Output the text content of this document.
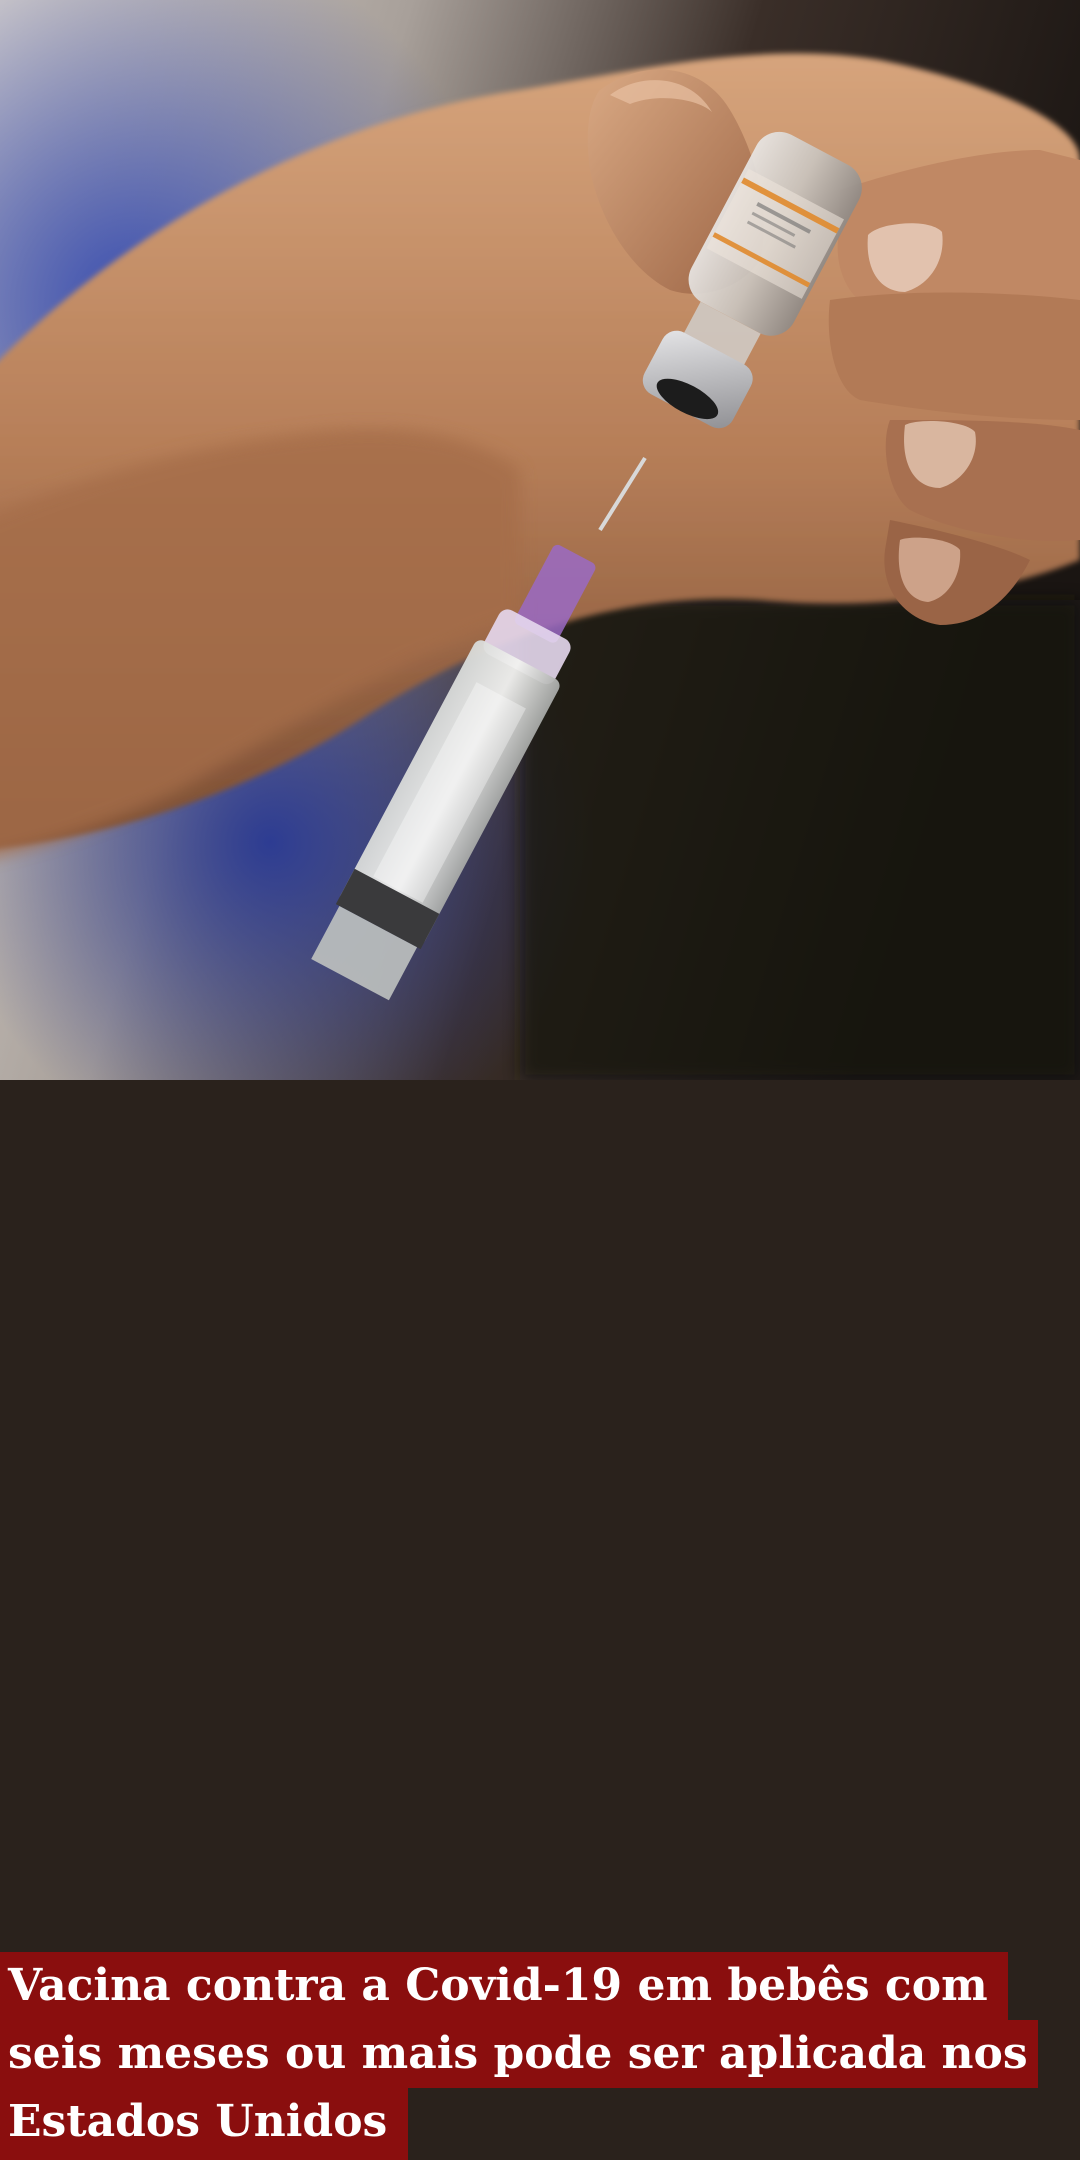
Vacina contra a Covid-19 em bebês com
seis meses ou mais pode ser aplicada nos
Estados Unidos
